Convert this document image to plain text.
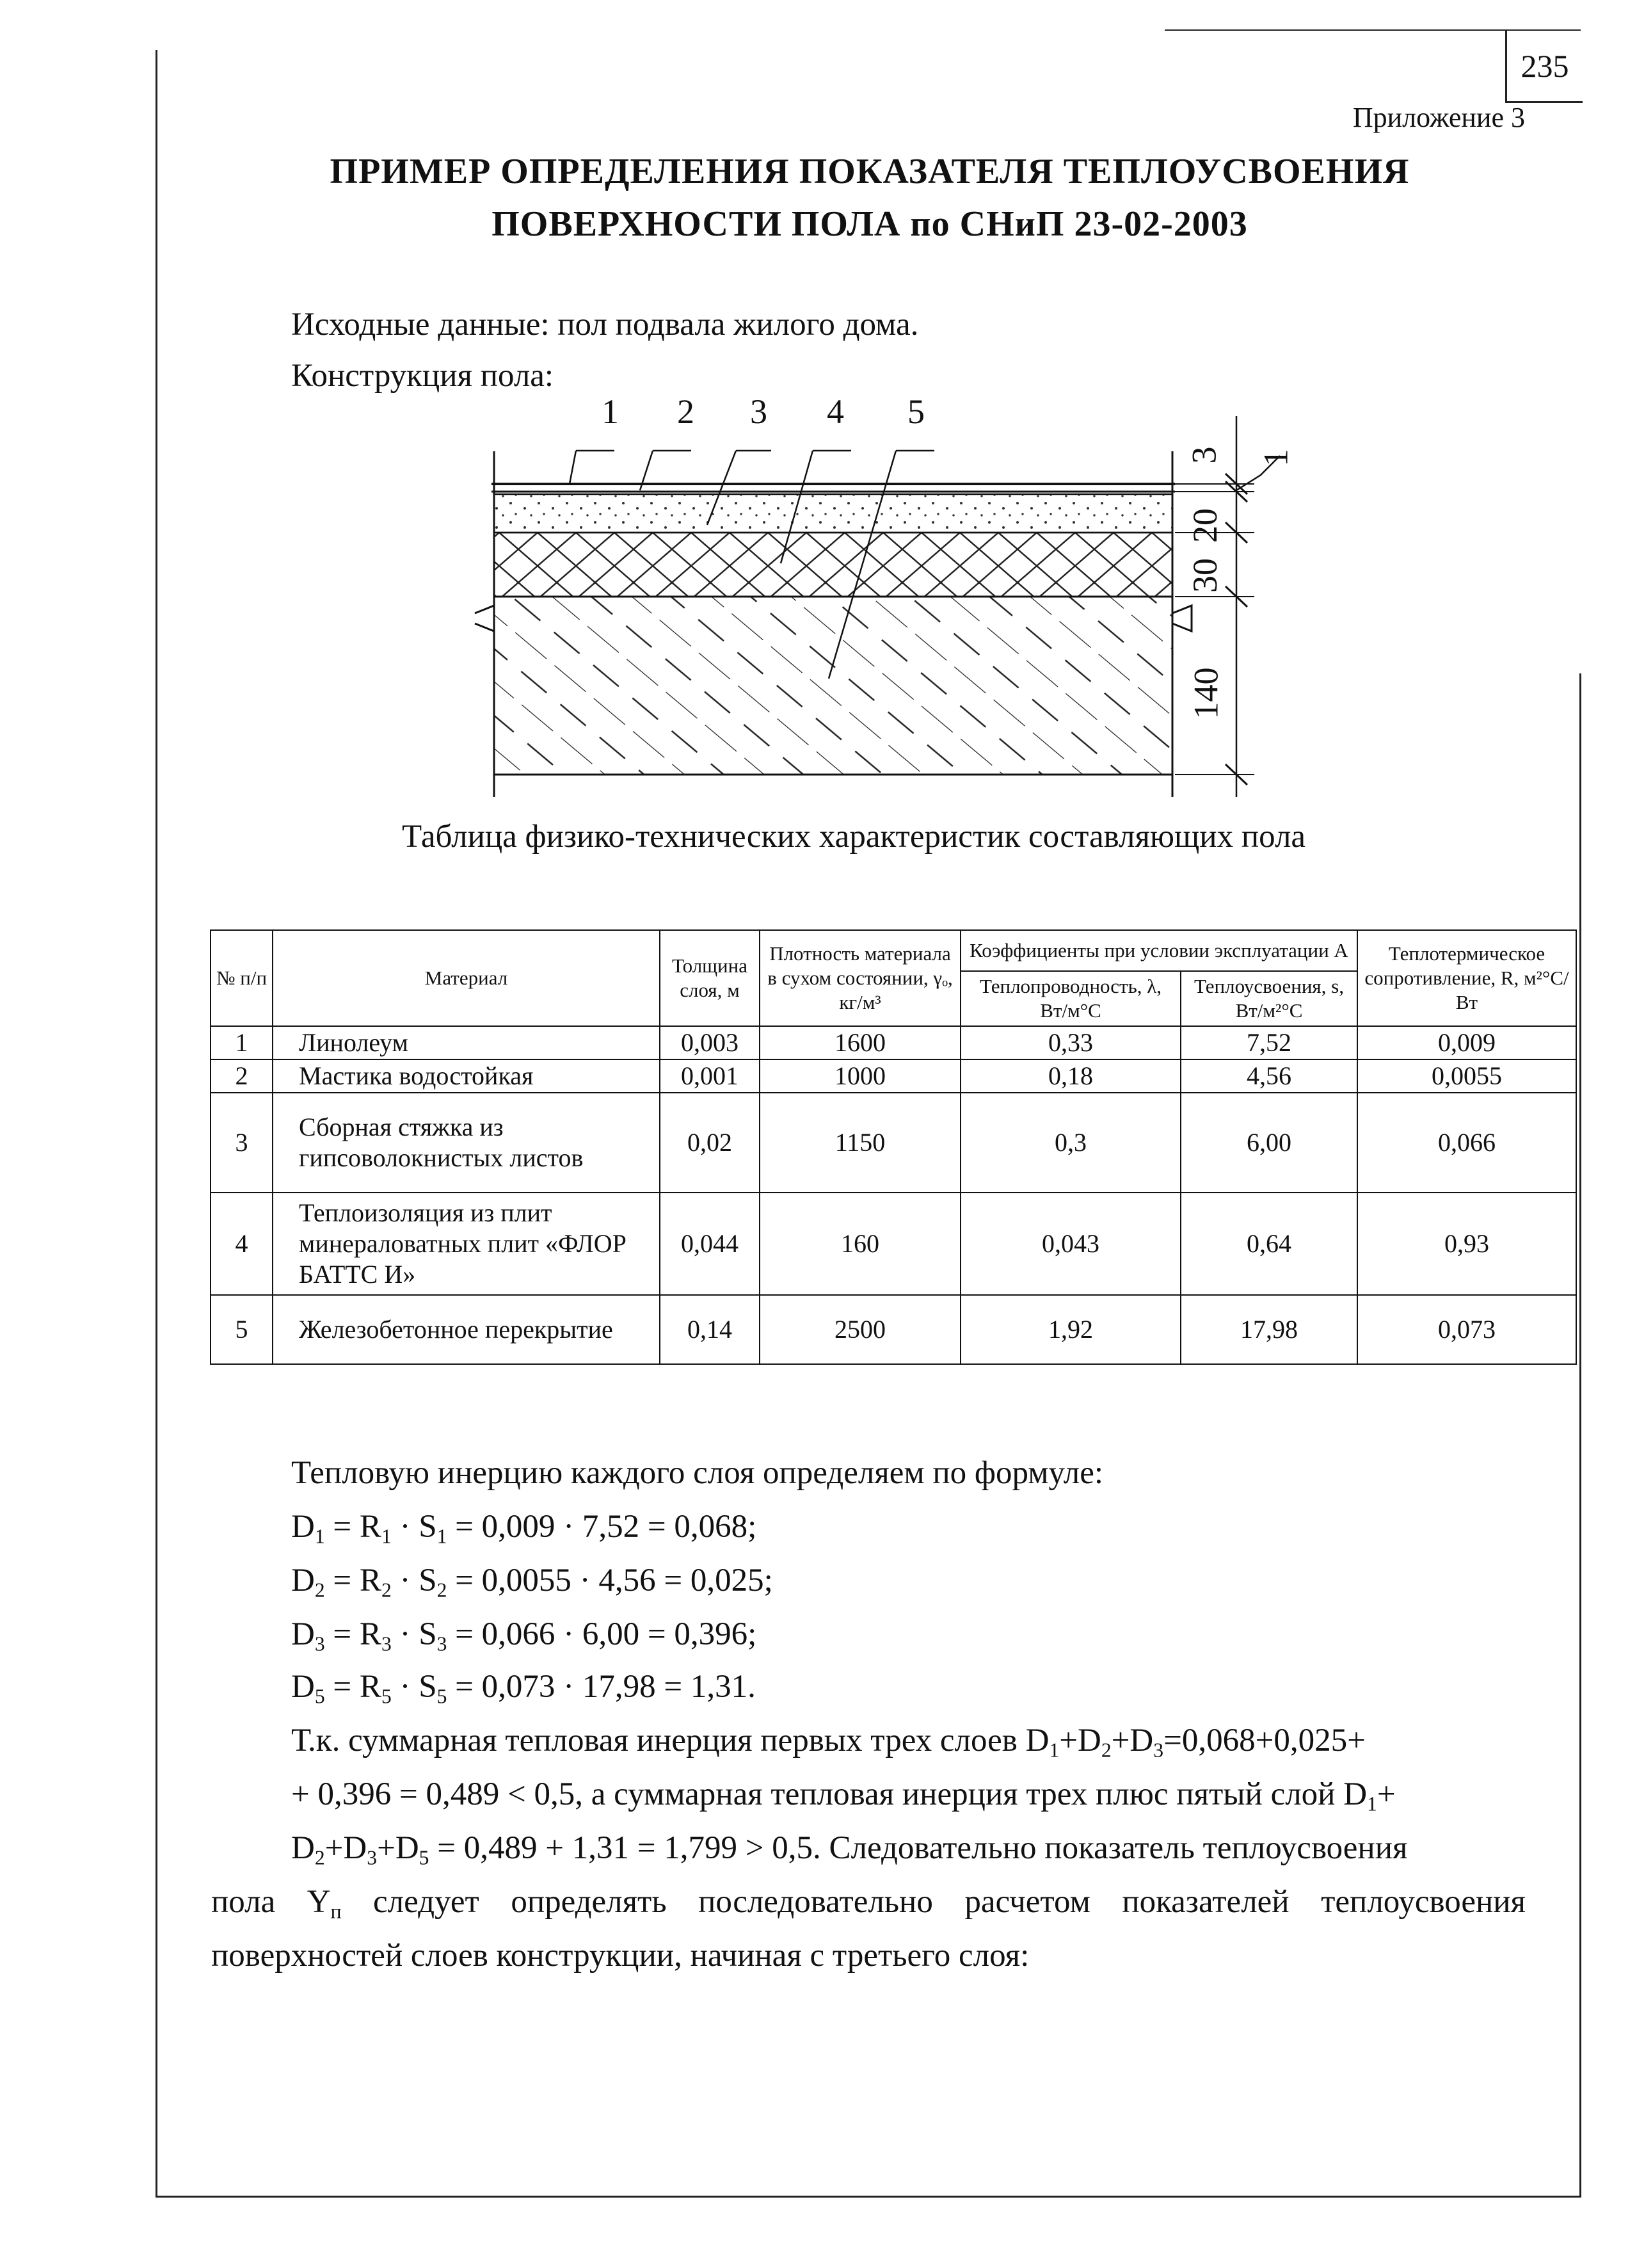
235
Приложение 3
ПРИМЕР ОПРЕДЕЛЕНИЯ ПОКАЗАТЕЛЯ ТЕПЛОУСВОЕНИЯ
ПОВЕРХНОСТИ ПОЛА по СНиП 23-02-2003
Исходные данные: пол подвала жилого дома.
Конструкция пола:
1 2 3 4 5
3 1
20
30
140
Таблица физико-технических характеристик составляющих пола
№ п/п	Материал	Толщина слоя, м	Плотность материала в сухом состоянии, γₒ, кг/м³	Коэффициенты при условии эксплуатации А		Теплотермическое сопротивление, R, м²°С/Вт
				Теплопроводность, λ, Вт/м°С	Теплоусвоения, s, Вт/м²°С	
1	Линолеум	0,003	1600	0,33	7,52	0,009
2	Мастика водостойкая	0,001	1000	0,18	4,56	0,0055
3	Сборная стяжка из гипсоволокнистых листов	0,02	1150	0,3	6,00	0,066
4	Теплоизоляция из плит минераловатных плит «ФЛОР БАТТС И»	0,044	160	0,043	0,64	0,93
5	Железобетонное перекрытие	0,14	2500	1,92	17,98	0,073
Тепловую инерцию каждого слоя определяем по формуле:
$D_1 = R_1 \cdot S_1 = 0,009 \cdot 7,52 = 0,068$;
$D_2 = R_2 \cdot S_2 = 0,0055 \cdot 4,56 = 0,025$;
$D_3 = R_3 \cdot S_3 = 0,066 \cdot 6,00 = 0,396$;
$D_5 = R_5 \cdot S_5 = 0,073 \cdot 17,98 = 1,31$.
Т.к. суммарная тепловая инерция первых трех слоев $D_1+D_2+D_3=0,068+0,025+$
+ 0,396 = 0,489 < 0,5, а суммарная тепловая инерция трех плюс пятый слой $D_1+$
$D_2+D_3+D_5 = 0,489 + 1,31 = 1,799 > 0,5$. Следовательно показатель теплоусвоения
пола $Y_п$ следует определять последовательно расчетом показателей теплоусвоения
поверхностей слоев конструкции, начиная с третьего слоя:
